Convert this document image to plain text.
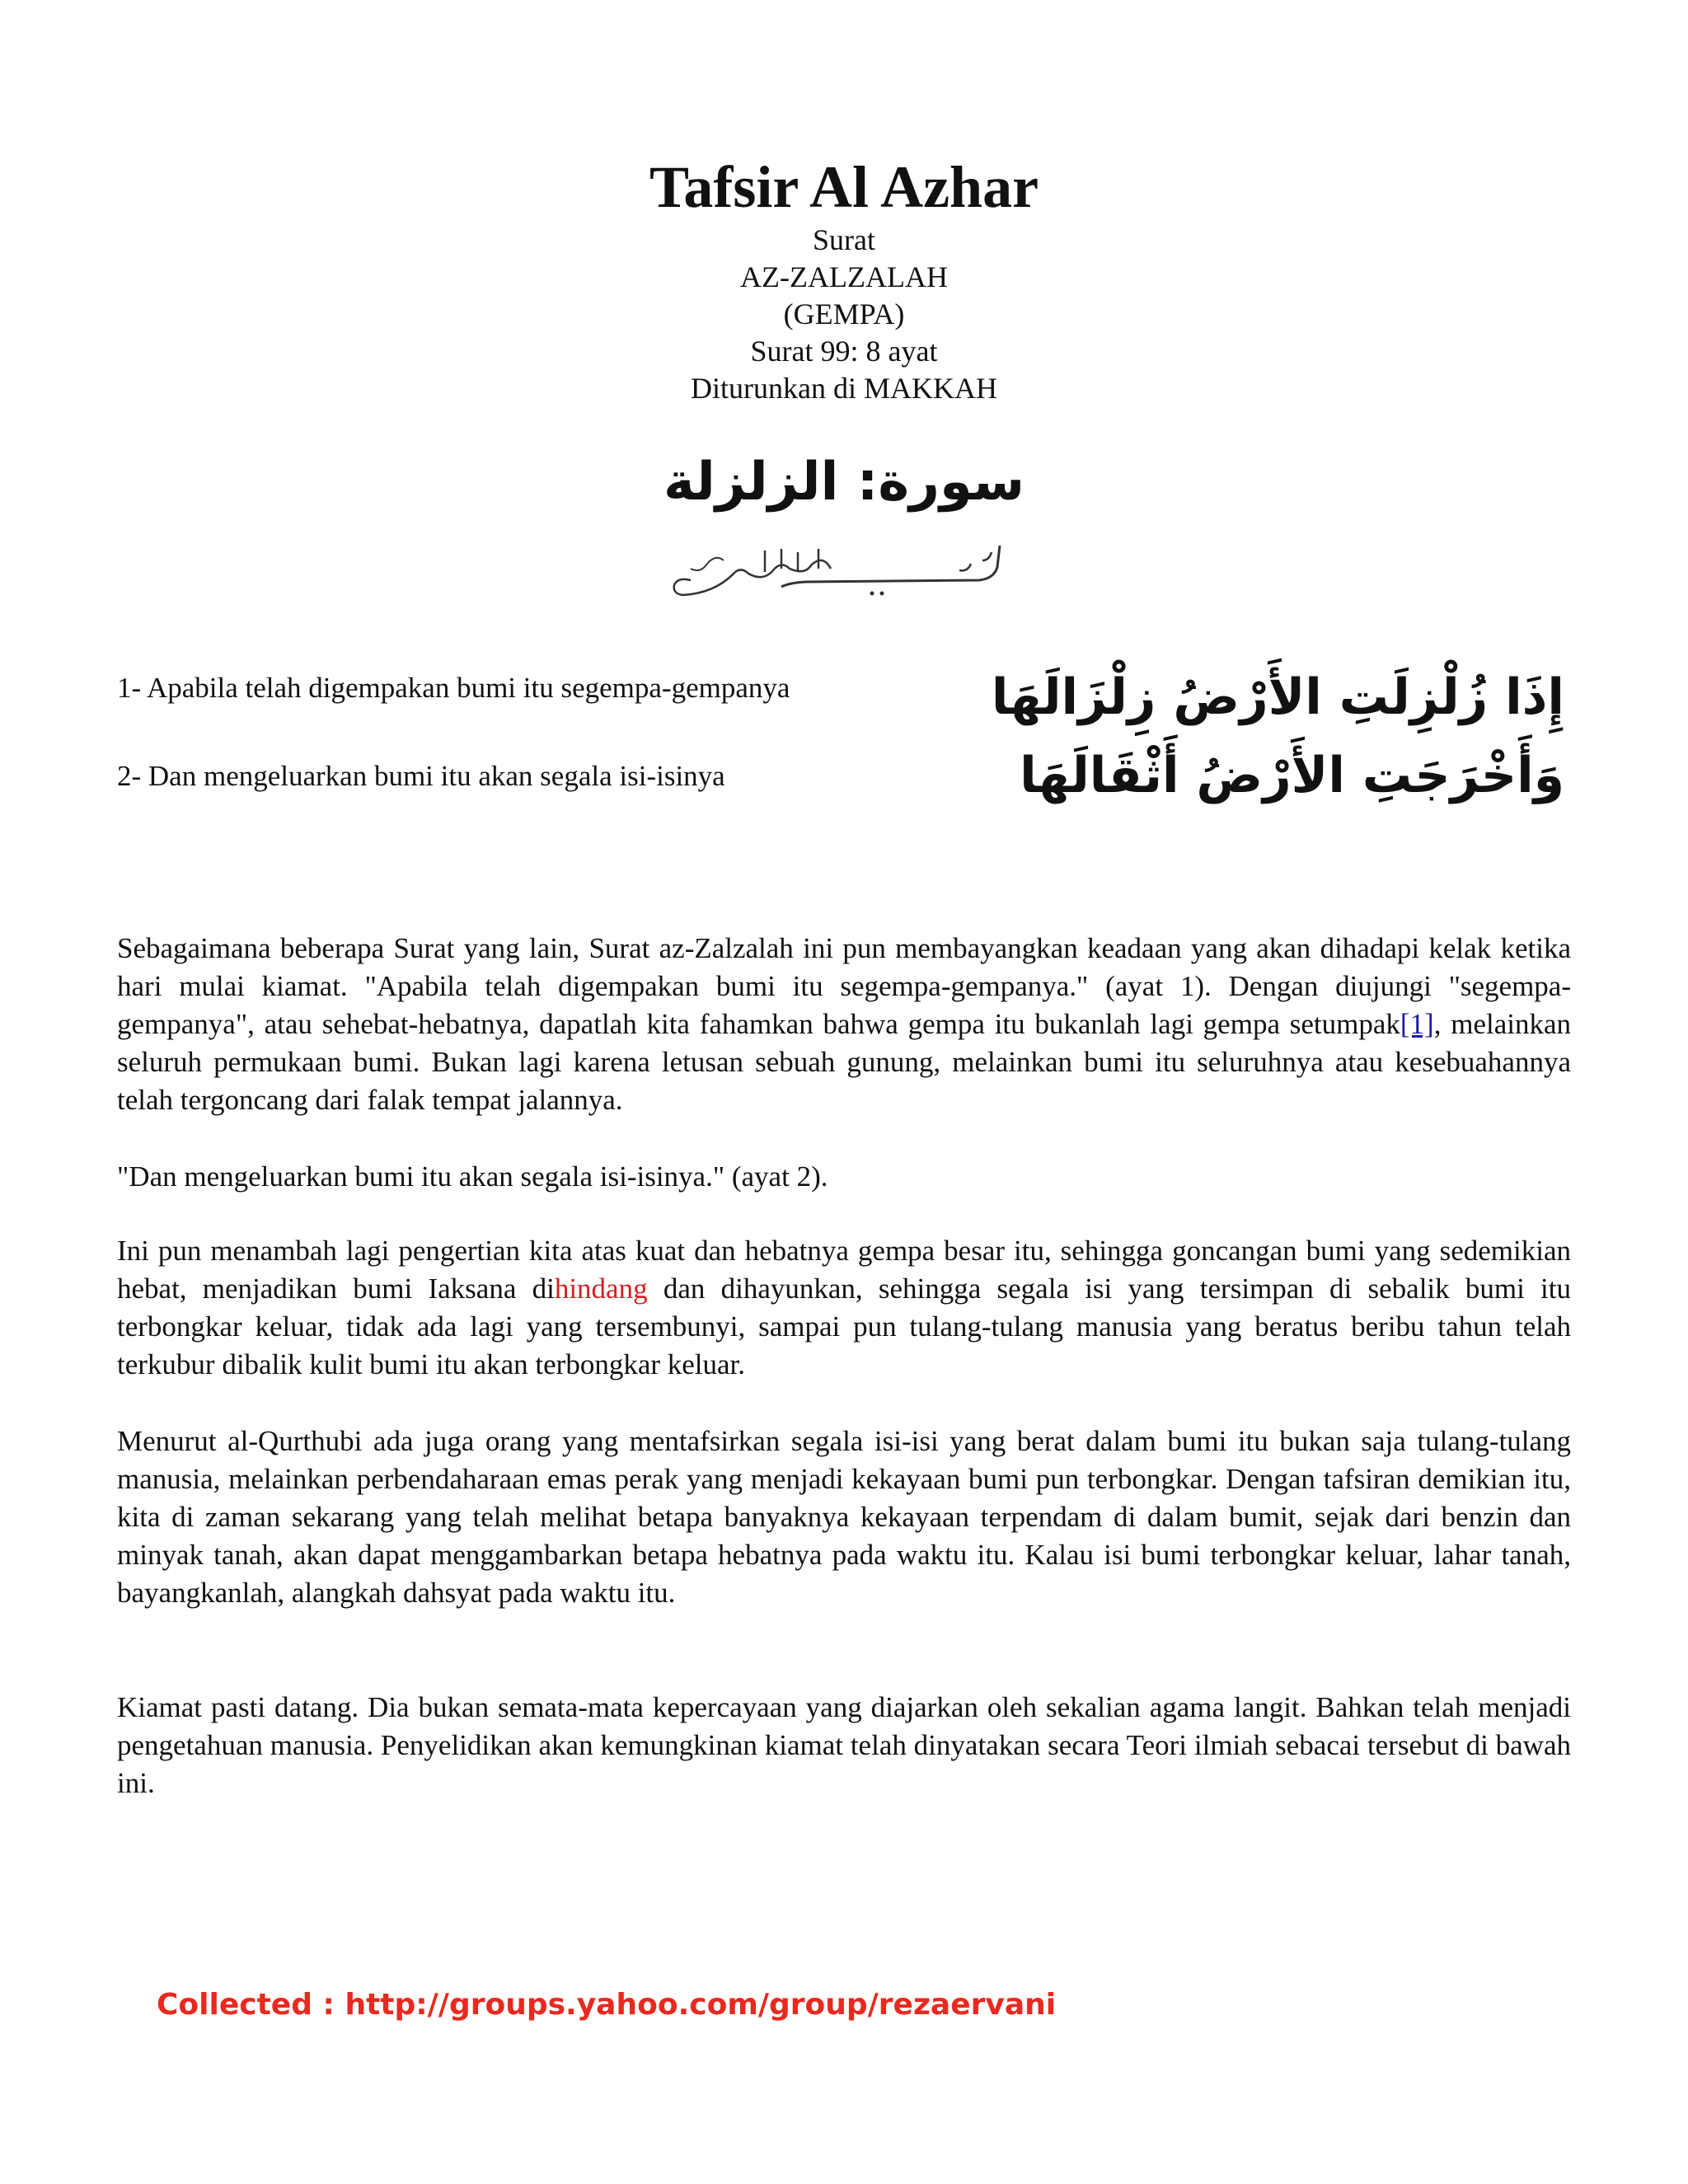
Tafsir Al Azhar
Surat
AZ-ZALZALAH
(GEMPA)
Surat 99: 8 ayat
Diturunkan di MAKKAH
سورة: الزلزلة
1- Apabila telah digempakan bumi itu segempa-gempanya
2- Dan mengeluarkan bumi itu akan segala isi-isinya
إِذَا زُلْزِلَتِ الأَرْضُ زِلْزَالَهَا
وَأَخْرَجَتِ الأَرْضُ أَثْقَالَهَا

Sebagaimana beberapa Surat yang lain, Surat az-Zalzalah ini pun membayangkan keadaan yang akan dihadapi kelak ketika hari mulai kiamat. "Apabila telah digempakan bumi itu segempa-gempanya." (ayat 1). Dengan diujungi "segempa-gempanya", atau sehebat-hebatnya, dapatlah kita fahamkan bahwa gempa itu bukanlah lagi gempa setumpak[1], melainkan seluruh permukaan bumi. Bukan lagi karena letusan sebuah gunung, melainkan bumi itu seluruhnya atau kesebuahannya telah tergoncang dari falak tempat jalannya.

"Dan mengeluarkan bumi itu akan segala isi-isinya." (ayat 2).

Ini pun menambah lagi pengertian kita atas kuat dan hebatnya gempa besar itu, sehingga goncangan bumi yang sedemikian hebat, menjadikan bumi Iaksana dihindang dan dihayunkan, sehingga segala isi yang tersimpan di sebalik bumi itu terbongkar keluar, tidak ada lagi yang tersembunyi, sampai pun tulang-tulang manusia yang beratus beribu tahun telah terkubur dibalik kulit bumi itu akan terbongkar keluar.

Menurut al-Qurthubi ada juga orang yang mentafsirkan segala isi-isi yang berat dalam bumi itu bukan saja tulang-tulang manusia, melainkan perbendaharaan emas perak yang menjadi kekayaan bumi pun terbongkar. Dengan tafsiran demikian itu, kita di zaman sekarang yang telah melihat betapa banyaknya kekayaan terpendam di dalam bumit, sejak dari benzin dan minyak tanah, akan dapat menggambarkan betapa hebatnya pada waktu itu. Kalau isi bumi terbongkar keluar, lahar tanah, bayangkanlah, alangkah dahsyat pada waktu itu.

Kiamat pasti datang. Dia bukan semata-mata kepercayaan yang diajarkan oleh sekalian agama langit. Bahkan telah menjadi pengetahuan manusia. Penyelidikan akan kemungkinan kiamat telah dinyatakan secara Teori ilmiah sebacai tersebut di bawah ini.

Collected : http://groups.yahoo.com/group/rezaervani
